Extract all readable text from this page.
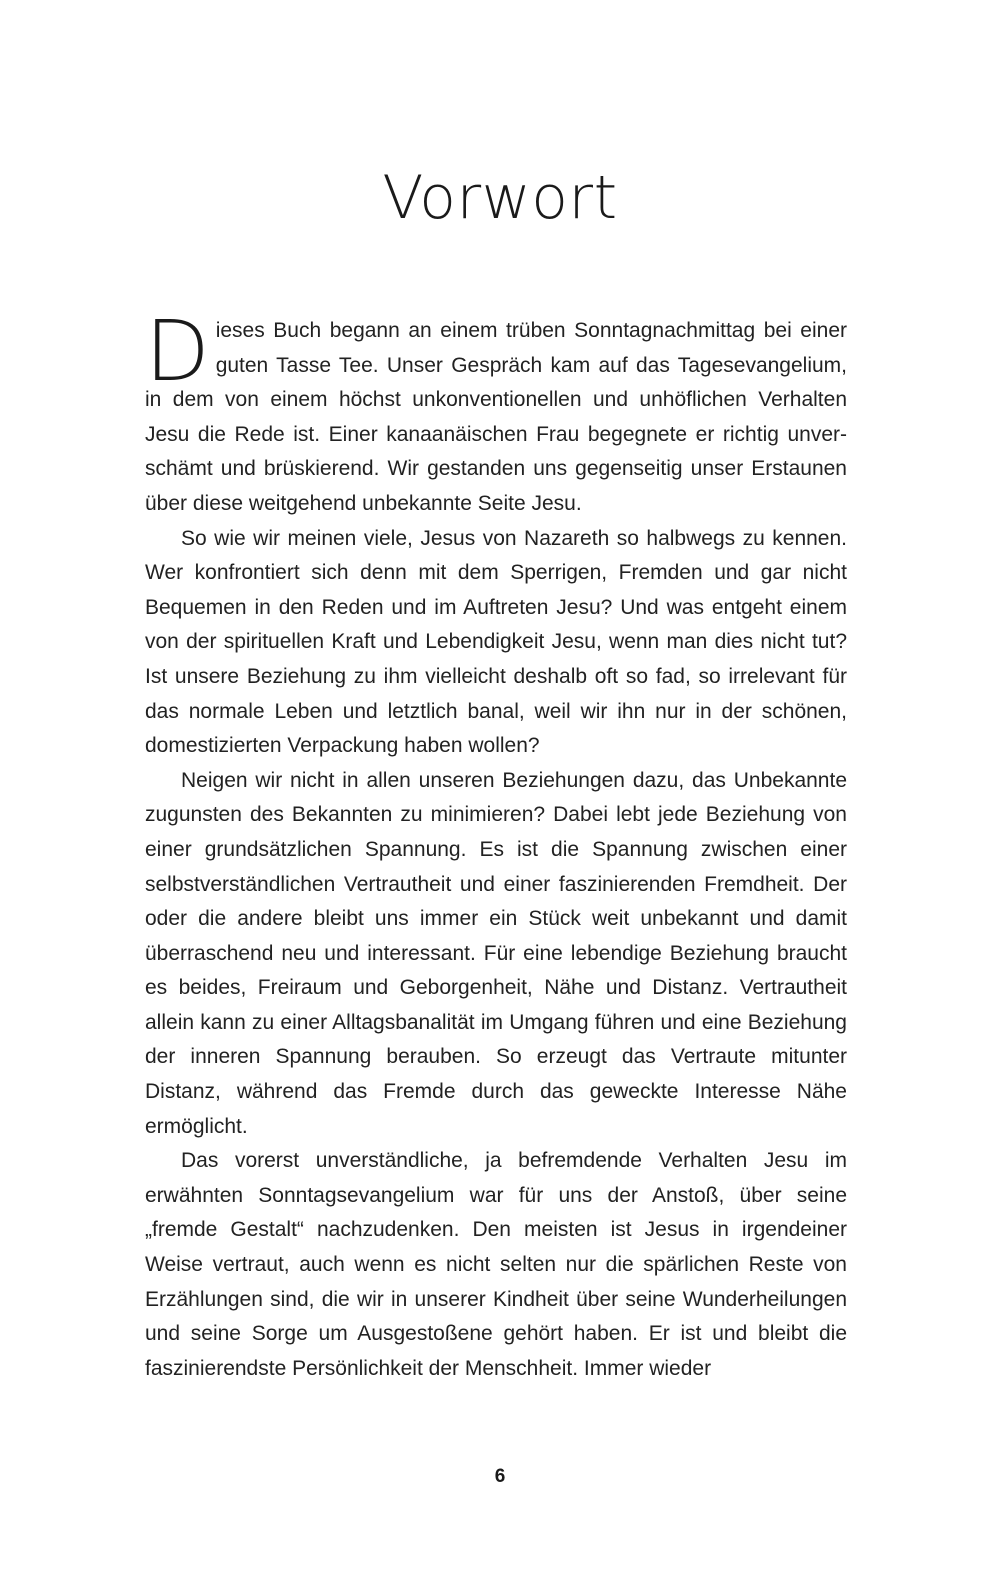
Vorwort

Dieses Buch begann an einem trüben Sonntagnachmittag bei einer guten Tasse Tee. Unser Gespräch kam auf das Tagesevangelium, in dem von einem höchst unkonventionellen und unhöflichen Verhalten Jesu die Rede ist. Einer kanaanäischen Frau begegnete er richtig unverschämt und brüskierend. Wir gestanden uns gegenseitig unser Erstaunen über diese weitgehend unbekannte Seite Jesu.

So wie wir meinen viele, Jesus von Nazareth so halbwegs zu kennen. Wer konfrontiert sich denn mit dem Sperrigen, Fremden und gar nicht Bequemen in den Reden und im Auftreten Jesu? Und was entgeht einem von der spirituellen Kraft und Lebendigkeit Jesu, wenn man dies nicht tut? Ist unsere Beziehung zu ihm vielleicht deshalb oft so fad, so irrelevant für das normale Leben und letztlich banal, weil wir ihn nur in der schönen, domestizierten Verpackung haben wollen?

Neigen wir nicht in allen unseren Beziehungen dazu, das Unbekannte zugunsten des Bekannten zu minimieren? Dabei lebt jede Beziehung von einer grundsätzlichen Spannung. Es ist die Spannung zwischen einer selbstverständlichen Vertrautheit und einer faszinierenden Fremdheit. Der oder die andere bleibt uns immer ein Stück weit unbekannt und damit überraschend neu und interessant. Für eine lebendige Beziehung braucht es beides, Freiraum und Geborgenheit, Nähe und Distanz. Vertrautheit allein kann zu einer Alltagsbanalität im Umgang führen und eine Beziehung der inneren Spannung berauben. So erzeugt das Vertraute mitunter Distanz, während das Fremde durch das geweckte Interesse Nähe ermöglicht.

Das vorerst unverständliche, ja befremdende Verhalten Jesu im erwähnten Sonntagsevangelium war für uns der Anstoß, über seine „fremde Gestalt“ nachzudenken. Den meisten ist Jesus in irgendeiner Weise vertraut, auch wenn es nicht selten nur die spärlichen Reste von Erzählungen sind, die wir in unserer Kindheit über seine Wunderheilungen und seine Sorge um Ausgestoßene gehört haben. Er ist und bleibt die faszinierendste Persönlichkeit der Menschheit. Immer wieder

6
